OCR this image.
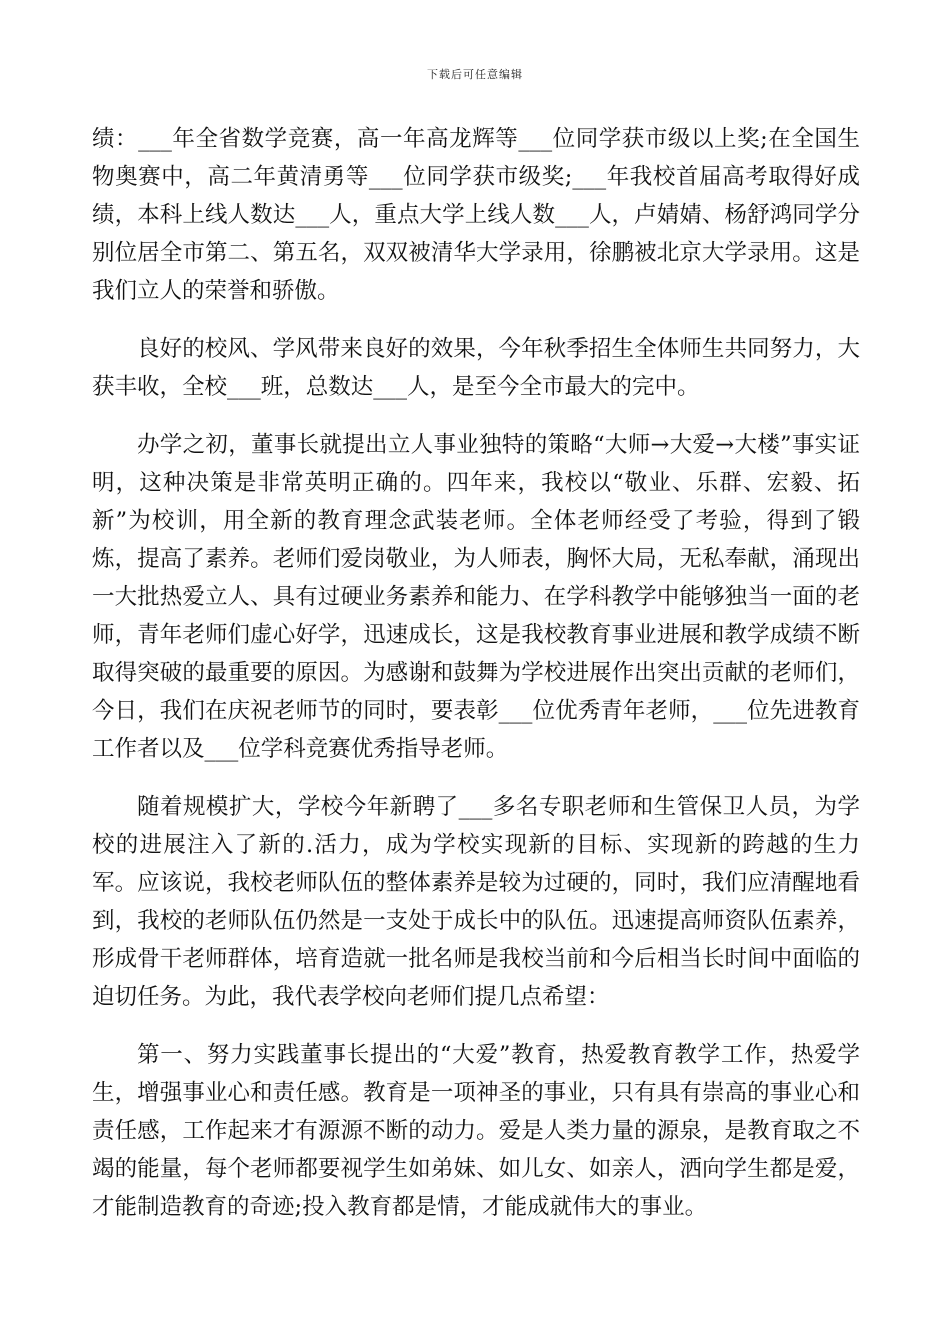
下载后可任意编辑

绩：___年全省数学竞赛，高一年高龙辉等___位同学获市级以上奖;在全国生物奥赛中，高二年黄清勇等___位同学获市级奖;___年我校首届高考取得好成绩，本科上线人数达___人，重点大学上线人数___人，卢婧婧、杨舒鸿同学分别位居全市第二、第五名，双双被清华大学录用，徐鹏被北京大学录用。这是我们立人的荣誉和骄傲。

良好的校风、学风带来良好的效果，今年秋季招生全体师生共同努力，大获丰收，全校___班，总数达___人，是至今全市最大的完中。

办学之初，董事长就提出立人事业独特的策略“大师→大爱→大楼”事实证明，这种决策是非常英明正确的。四年来，我校以“敬业、乐群、宏毅、拓新”为校训，用全新的教育理念武装老师。全体老师经受了考验，得到了锻炼，提高了素养。老师们爱岗敬业，为人师表，胸怀大局，无私奉献，涌现出一大批热爱立人、具有过硬业务素养和能力、在学科教学中能够独当一面的老师，青年老师们虚心好学，迅速成长，这是我校教育事业进展和教学成绩不断取得突破的最重要的原因。为感谢和鼓舞为学校进展作出突出贡献的老师们，今日，我们在庆祝老师节的同时，要表彰___位优秀青年老师，___位先进教育工作者以及___位学科竞赛优秀指导老师。

随着规模扩大，学校今年新聘了___多名专职老师和生管保卫人员，为学校的进展注入了新的.活力，成为学校实现新的目标、实现新的跨越的生力军。应该说，我校老师队伍的整体素养是较为过硬的，同时，我们应清醒地看到，我校的老师队伍仍然是一支处于成长中的队伍。迅速提高师资队伍素养，形成骨干老师群体，培育造就一批名师是我校当前和今后相当长时间中面临的迫切任务。为此，我代表学校向老师们提几点希望：

第一、努力实践董事长提出的“大爱”教育，热爱教育教学工作，热爱学生，增强事业心和责任感。教育是一项神圣的事业，只有具有崇高的事业心和责任感，工作起来才有源源不断的动力。爱是人类力量的源泉，是教育取之不竭的能量，每个老师都要视学生如弟妹、如儿女、如亲人，洒向学生都是爱，才能制造教育的奇迹;投入教育都是情，才能成就伟大的事业。
